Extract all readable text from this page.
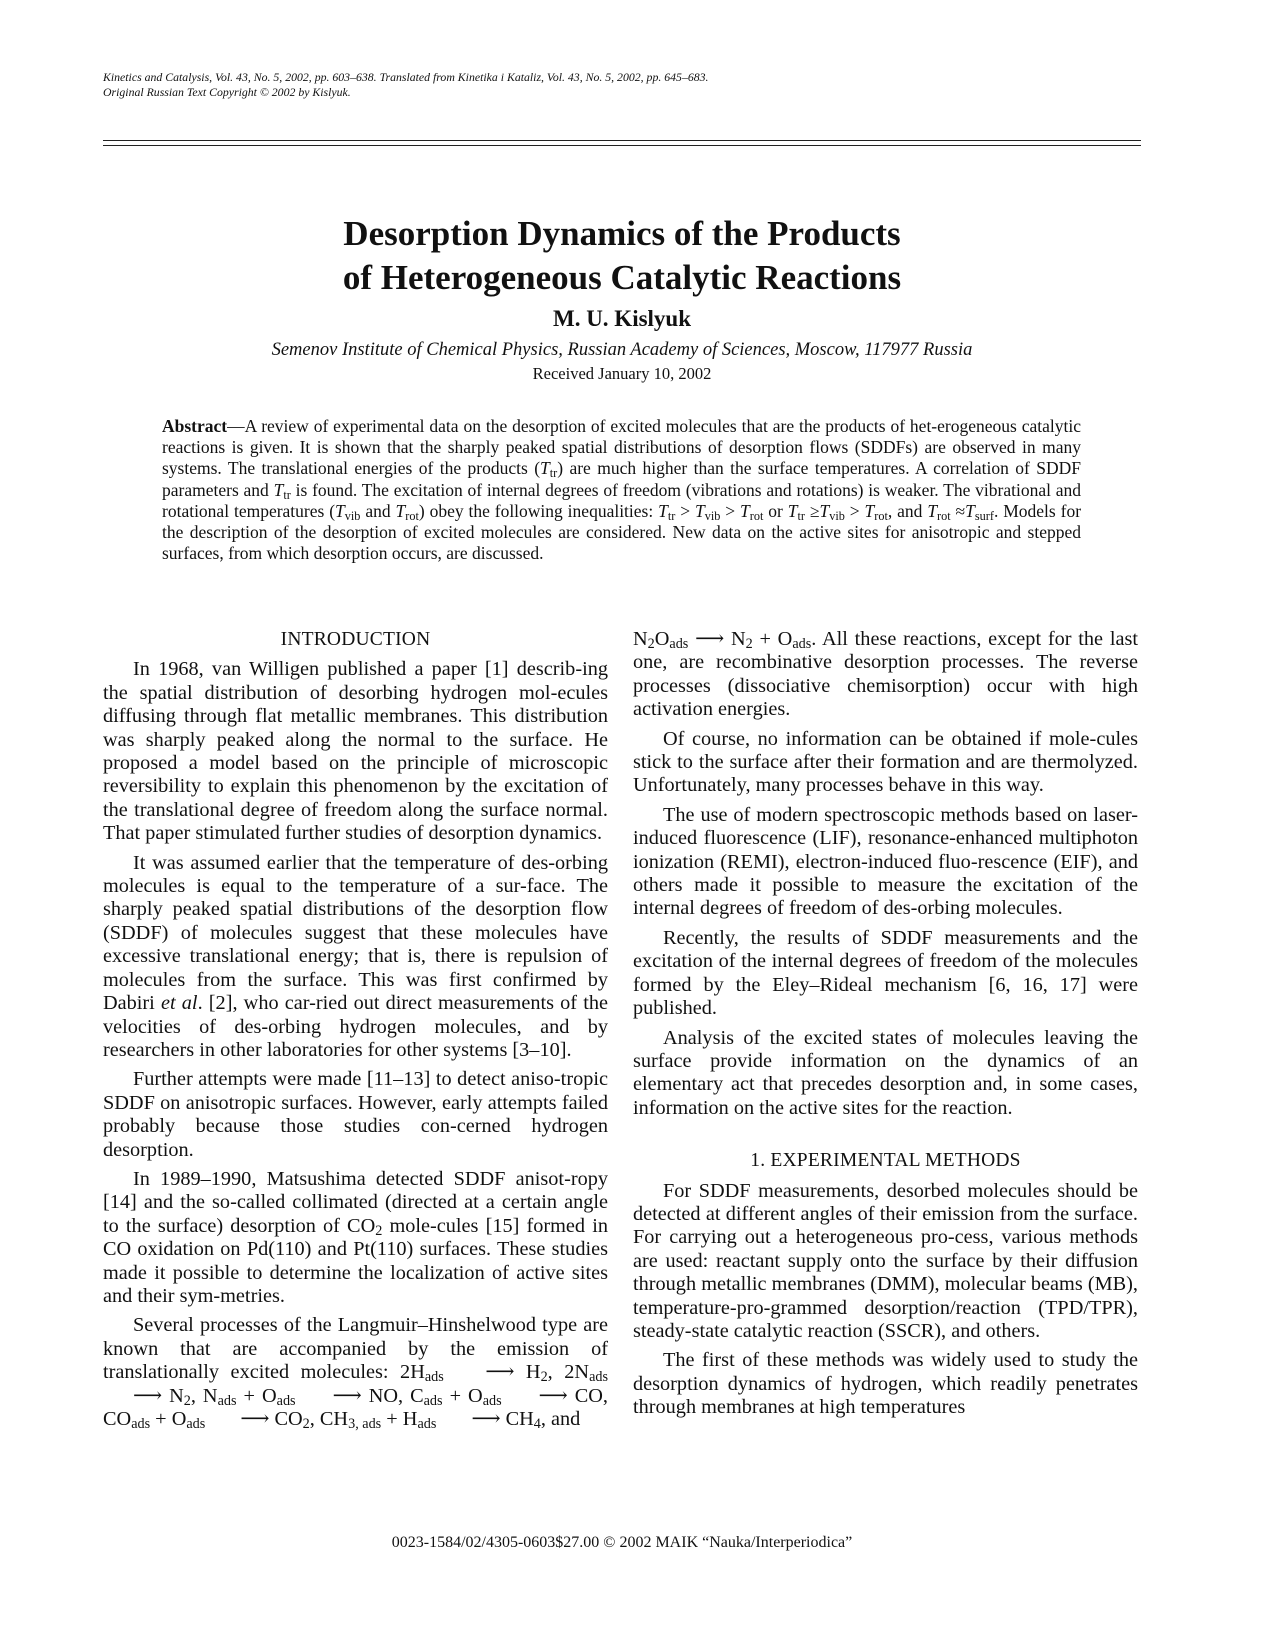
Kinetics and Catalysis, Vol. 43, No. 5, 2002, pp. 603–638. Translated from Kinetika i Kataliz, Vol. 43, No. 5, 2002, pp. 645–683.
Original Russian Text Copyright © 2002 by Kislyuk.
Desorption Dynamics of the Products
of Heterogeneous Catalytic Reactions
M. U. Kislyuk
Semenov Institute of Chemical Physics, Russian Academy of Sciences, Moscow, 117977 Russia
Received January 10, 2002
Abstract—A review of experimental data on the desorption of excited molecules that are the products of het-erogeneous catalytic reactions is given. It is shown that the sharply peaked spatial distributions of desorption flows (SDDFs) are observed in many systems. The translational energies of the products $(T_{tr})$ are much higher than the surface temperatures. A correlation of SDDF parameters and $T_{tr}$ is found. The excitation of internal degrees of freedom (vibrations and rotations) is weaker. The vibrational and rotational temperatures ($T_{vib}$ and $T_{rot}$) obey the following inequalities: $T_{tr} > T_{vib} > T_{rot}$ or $T_{tr} \ge T_{vib} > T_{rot}$, and $T_{rot} \approx T_{surf}$. Models for the description of the desorption of excited molecules are considered. New data on the active sites for anisotropic and stepped surfaces, from which desorption occurs, are discussed.
INTRODUCTION

In 1968, van Willigen published a paper [1] describ-ing the spatial distribution of desorbing hydrogen mol-ecules diffusing through flat metallic membranes. This distribution was sharply peaked along the normal to the surface. He proposed a model based on the principle of microscopic reversibility to explain this phenomenon by the excitation of the translational degree of freedom along the surface normal. That paper stimulated further studies of desorption dynamics.

It was assumed earlier that the temperature of des-orbing molecules is equal to the temperature of a sur-face. The sharply peaked spatial distributions of the desorption flow (SDDF) of molecules suggest that these molecules have excessive translational energy; that is, there is repulsion of molecules from the surface. This was first confirmed by Dabiri et al. [2], who car-ried out direct measurements of the velocities of des-orbing hydrogen molecules, and by researchers in other laboratories for other systems [3–10].

Further attempts were made [11–13] to detect aniso-tropic SDDF on anisotropic surfaces. However, early attempts failed probably because those studies con-cerned hydrogen desorption.

In 1989–1990, Matsushima detected SDDF anisot-ropy [14] and the so-called collimated (directed at a certain angle to the surface) desorption of $CO_2$ mole-cules [15] formed in CO oxidation on Pd(110) and Pt(110) surfaces. These studies made it possible to determine the localization of active sites and their sym-metries.

Several processes of the Langmuir–Hinshelwood type are known that are accompanied by the emission of translationally excited molecules: $2H_{ads}$ ⟶ $H_2$, $2N_{ads}$ ⟶ $N_2$, $N_{ads} + O_{ads}$ ⟶ NO, $C_{ads} + O_{ads}$ ⟶ CO, $CO_{ads} + O_{ads}$ ⟶ $CO_2$, $CH_{3, ads} + H_{ads}$ ⟶ $CH_4$, and

$N_2O_{ads}$ ⟶ $N_2 + O_{ads}$. All these reactions, except for the last one, are recombinative desorption processes. The reverse processes (dissociative chemisorption) occur with high activation energies.

Of course, no information can be obtained if mole-cules stick to the surface after their formation and are thermolyzed. Unfortunately, many processes behave in this way.

The use of modern spectroscopic methods based on laser-induced fluorescence (LIF), resonance-enhanced multiphoton ionization (REMI), electron-induced fluo-rescence (EIF), and others made it possible to measure the excitation of the internal degrees of freedom of des-orbing molecules.

Recently, the results of SDDF measurements and the excitation of the internal degrees of freedom of the molecules formed by the Eley–Rideal mechanism [6, 16, 17] were published.

Analysis of the excited states of molecules leaving the surface provide information on the dynamics of an elementary act that precedes desorption and, in some cases, information on the active sites for the reaction.

1. EXPERIMENTAL METHODS

For SDDF measurements, desorbed molecules should be detected at different angles of their emission from the surface. For carrying out a heterogeneous pro-cess, various methods are used: reactant supply onto the surface by their diffusion through metallic membranes (DMM), molecular beams (MB), temperature-pro-grammed desorption/reaction (TPD/TPR), steady-state catalytic reaction (SSCR), and others.

The first of these methods was widely used to study the desorption dynamics of hydrogen, which readily penetrates through membranes at high temperatures

0023-1584/02/4305-0603$27.00 © 2002 MAIK “Nauka/Interperiodica”
